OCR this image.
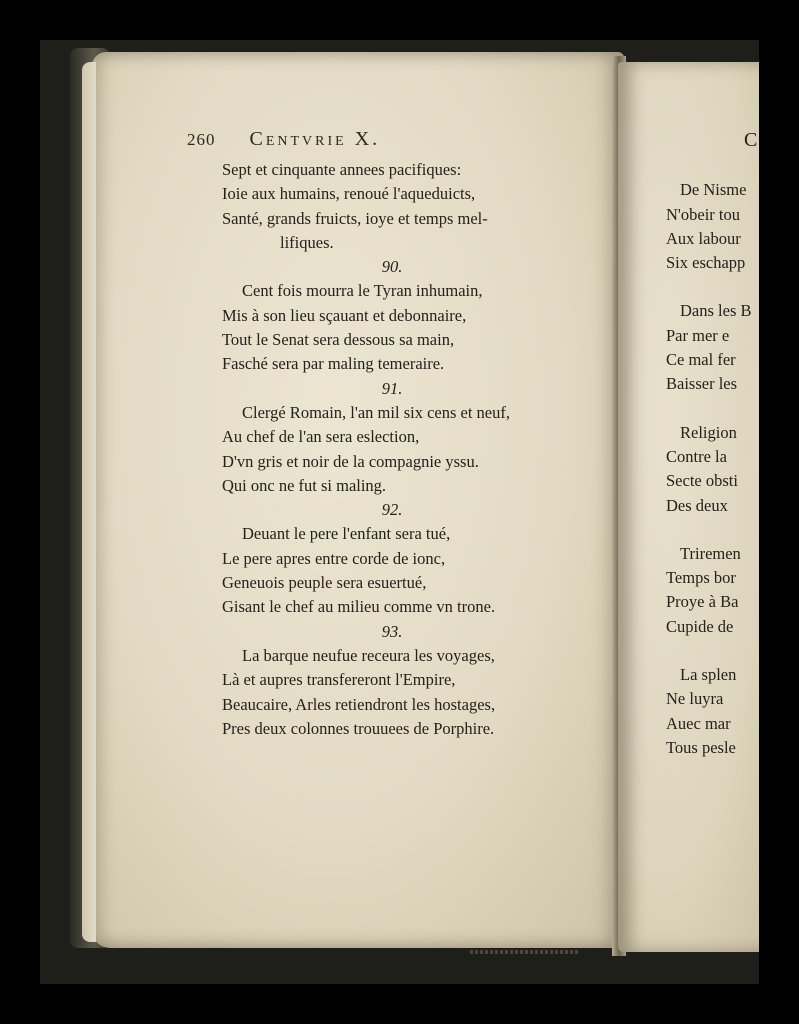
260 Centvrie X.
Sept et cinquante annees pacifiques:
Ioie aux humains, renoué l'aqueduicts,
Santé, grands fruicts, ioye et temps mel-
lifiques.
90.
Cent fois mourra le Tyran inhumain,
Mis à son lieu sçauant et debonnaire,
Tout le Senat sera dessous sa main,
Fasché sera par maling temeraire.
91.
Clergé Romain, l'an mil six cens et neuf,
Au chef de l'an sera eslection,
D'vn gris et noir de la compagnie yssu.
Qui onc ne fut si maling.
92.
Deuant le pere l'enfant sera tué,
Le pere apres entre corde de ionc,
Geneuois peuple sera esuertué,
Gisant le chef au milieu comme vn trone.
93.
La barque neufue receura les voyages,
Là et aupres transfereront l'Empire,
Beaucaire, Arles retiendront les hostages,
Pres deux colonnes trouuees de Porphire.
C
De Nisme
N'obeir tou
Aux labour
Six eschapp
Dans les B
Par mer e
Ce mal fer
Baisser les
Religion
Contre la
Secte obsti
Des deux
Triremen
Temps bor
Proye à Ba
Cupide de
La splen
Ne luyra
Auec mar
Tous pesle
